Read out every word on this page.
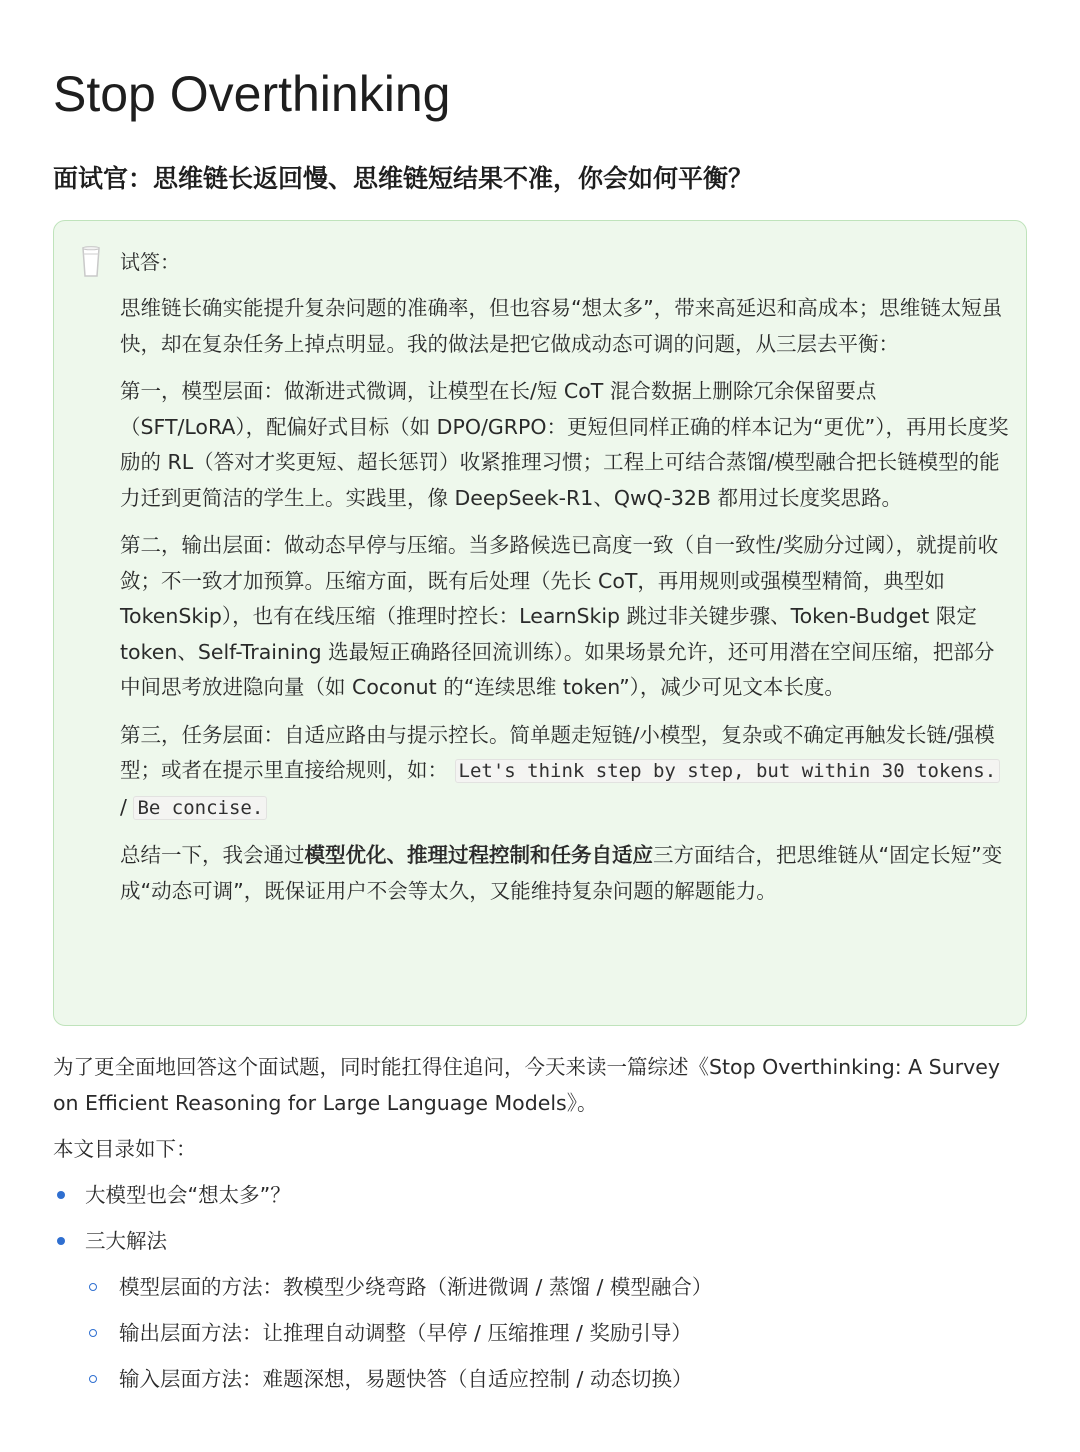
Stop Overthinking
面试官：思维链长返回慢、思维链短结果不准，你会如何平衡？
试答：

思维链长确实能提升复杂问题的准确率，但也容易“想太多”，带来高延迟和高成本；思维链太短虽快，却在复杂任务上掉点明显。我的做法是把它做成动态可调的问题，从三层去平衡：

第一，模型层面：做渐进式微调，让模型在长/短 CoT 混合数据上删除冗余保留要点（SFT/LoRA），配偏好式目标（如 DPO/GRPO：更短但同样正确的样本记为“更优”），再用长度奖励的 RL（答对才奖更短、超长惩罚）收紧推理习惯；工程上可结合蒸馏/模型融合把长链模型的能力迁到更简洁的学生上。实践里，像 DeepSeek-R1、QwQ-32B 都用过长度奖思路。

第二，输出层面：做动态早停与压缩。当多路候选已高度一致（自一致性/奖励分过阈），就提前收敛；不一致才加预算。压缩方面，既有后处理（先长 CoT，再用规则或强模型精简，典型如 TokenSkip），也有在线压缩（推理时控长：LearnSkip 跳过非关键步骤、Token-Budget 限定 token、Self-Training 选最短正确路径回流训练）。如果场景允许，还可用潜在空间压缩，把部分中间思考放进隐向量（如 Coconut 的“连续思维 token”），减少可见文本长度。

第三，任务层面：自适应路由与提示控长。简单题走短链/小模型，复杂或不确定再触发长链/强模型；或者在提示里直接给规则，如： Let's think step by step, but within 30 tokens. / Be concise.

总结一下，我会通过模型优化、推理过程控制和任务自适应三方面结合，把思维链从“固定长短”变成“动态可调”，既保证用户不会等太久，又能维持复杂问题的解题能力。

为了更全面地回答这个面试题，同时能扛得住追问，今天来读一篇综述《Stop Overthinking: A Survey on Efficient Reasoning for Large Language Models》。

本文目录如下：

大模型也会“想太多”？
三大解法
模型层面的方法：教模型少绕弯路（渐进微调 / 蒸馏 / 模型融合）
输出层面方法：让推理自动调整（早停 / 压缩推理 / 奖励引导）
输入层面方法：难题深想，易题快答（自适应控制 / 动态切换）
